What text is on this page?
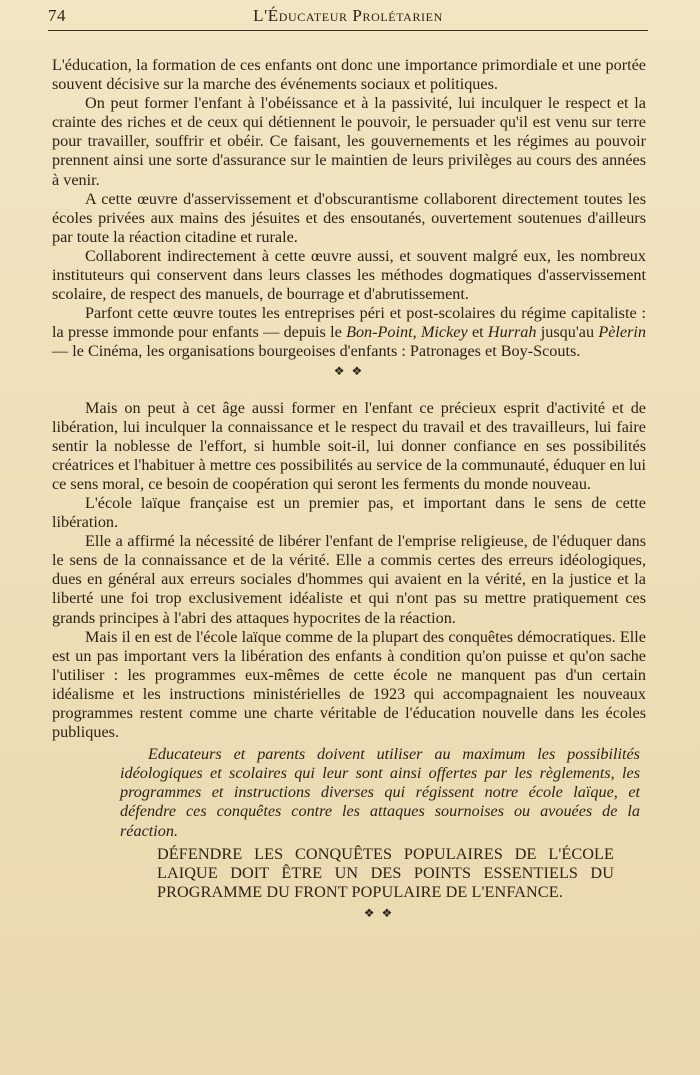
74	L'Éducateur Prolétarien

L'éducation, la formation de ces enfants ont donc une importance primordiale et une portée souvent décisive sur la marche des événements sociaux et politiques.

On peut former l'enfant à l'obéissance et à la passivité, lui inculquer le respect et la crainte des riches et de ceux qui détiennent le pouvoir, le persuader qu'il est venu sur terre pour travailler, souffrir et obéir. Ce faisant, les gouvernements et les régimes au pouvoir prennent ainsi une sorte d'assurance sur le maintien de leurs privilèges au cours des années à venir.

A cette œuvre d'asservissement et d'obscurantisme collaborent directement toutes les écoles privées aux mains des jésuites et des ensoutanés, ouvertement soutenues d'ailleurs par toute la réaction citadine et rurale.

Collaborent indirectement à cette œuvre aussi, et souvent malgré eux, les nombreux instituteurs qui conservent dans leurs classes les méthodes dogmatiques d'asservissement scolaire, de respect des manuels, de bourrage et d'abrutissement.

Parfont cette œuvre toutes les entreprises péri et post-scolaires du régime capitaliste : la presse immonde pour enfants — depuis le Bon-Point, Mickey et Hurrah jusqu'au Pèlerin — le Cinéma, les organisations bourgeoises d'enfants : Patronages et Boy-Scouts.

❖ ❖

Mais on peut à cet âge aussi former en l'enfant ce précieux esprit d'activité et de libération, lui inculquer la connaissance et le respect du travail et des travailleurs, lui faire sentir la noblesse de l'effort, si humble soit-il, lui donner confiance en ses possibilités créatrices et l'habituer à mettre ces possibilités au service de la communauté, éduquer en lui ce sens moral, ce besoin de coopération qui seront les ferments du monde nouveau.

L'école laïque française est un premier pas, et important dans le sens de cette libération.

Elle a affirmé la nécessité de libérer l'enfant de l'emprise religieuse, de l'éduquer dans le sens de la connaissance et de la vérité. Elle a commis certes des erreurs idéologiques, dues en général aux erreurs sociales d'hommes qui avaient en la vérité, en la justice et la liberté une foi trop exclusivement idéaliste et qui n'ont pas su mettre pratiquement ces grands principes à l'abri des attaques hypocrites de la réaction.

Mais il en est de l'école laïque comme de la plupart des conquêtes démocratiques. Elle est un pas important vers la libération des enfants à condition qu'on puisse et qu'on sache l'utiliser : les programmes eux-mêmes de cette école ne manquent pas d'un certain idéalisme et les instructions ministérielles de 1923 qui accompagnaient les nouveaux programmes restent comme une charte véritable de l'éducation nouvelle dans les écoles publiques.

Educateurs et parents doivent utiliser au maximum les possibilités idéologiques et scolaires qui leur sont ainsi offertes par les règlements, les programmes et instructions diverses qui régissent notre école laïque, et défendre ces conquêtes contre les attaques sournoises ou avouées de la réaction.

DÉFENDRE LES CONQUÊTES POPULAIRES DE L'ÉCOLE LAIQUE DOIT ÊTRE UN DES POINTS ESSENTIELS DU PROGRAMME DU FRONT POPULAIRE DE L'ENFANCE.

❖ ❖
